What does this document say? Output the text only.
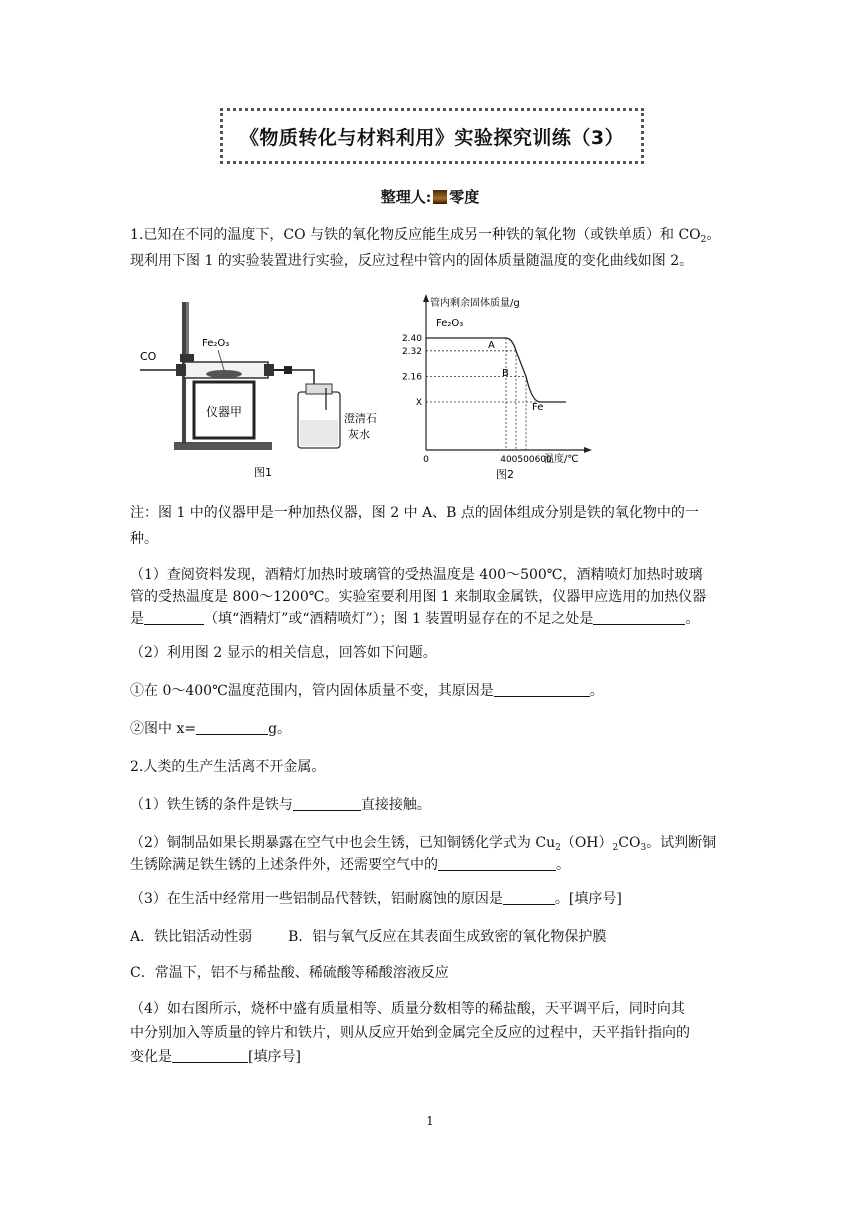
《物质转化与材料利用》实验探究训练（3）
整理人: 零度
1.已知在不同的温度下，CO 与铁的氧化物反应能生成另一种铁的氧化物（或铁单质）和 $CO_2$。
现利用下图 1 的实验装置进行实验，反应过程中管内的固体质量随温度的变化曲线如图 2。
CO
Fe₂O₃
仪器甲	澄清石
灰水
图1
管内剩余固体质量/g
温度/℃
Fe₂O₃
2.40
2.32
2.16
X
0	400500600
A
B
Fe
图2
注：图 1 中的仪器甲是一种加热仪器，图 2 中 A、B 点的固体组成分别是铁的氧化物中的一
种。
（1）查阅资料发现，酒精灯加热时玻璃管的受热温度是 400～500℃，酒精喷灯加热时玻璃
管的受热温度是 800～1200℃。实验室要利用图 1 来制取金属铁，仪器甲应选用的加热仪器
是	（填“酒精灯”或“酒精喷灯”）；图 1 装置明显存在的不足之处是	。
（2）利用图 2 显示的相关信息，回答如下问题。
①在 0～400℃温度范围内，管内固体质量不变，其原因是	。
②图中 x=	g。
2.人类的生产生活离不开金属。
（1）铁生锈的条件是铁与	直接接触。
（2）铜制品如果长期暴露在空气中也会生锈，已知铜锈化学式为 $Cu_2(OH)_2CO_3$。试判断铜
生锈除满足铁生锈的上述条件外，还需要空气中的	。
（3）在生活中经常用一些铝制品代替铁，铝耐腐蚀的原因是	。[填序号]
A．铁比铝活动性弱	B．铝与氧气反应在其表面生成致密的氧化物保护膜
C．常温下，铝不与稀盐酸、稀硫酸等稀酸溶液反应
（4）如右图所示，烧杯中盛有质量相等、质量分数相等的稀盐酸，天平调平后，同时向其
中分别加入等质量的锌片和铁片，则从反应开始到金属完全反应的过程中，天平指针指向的
变化是	[填序号]
1
